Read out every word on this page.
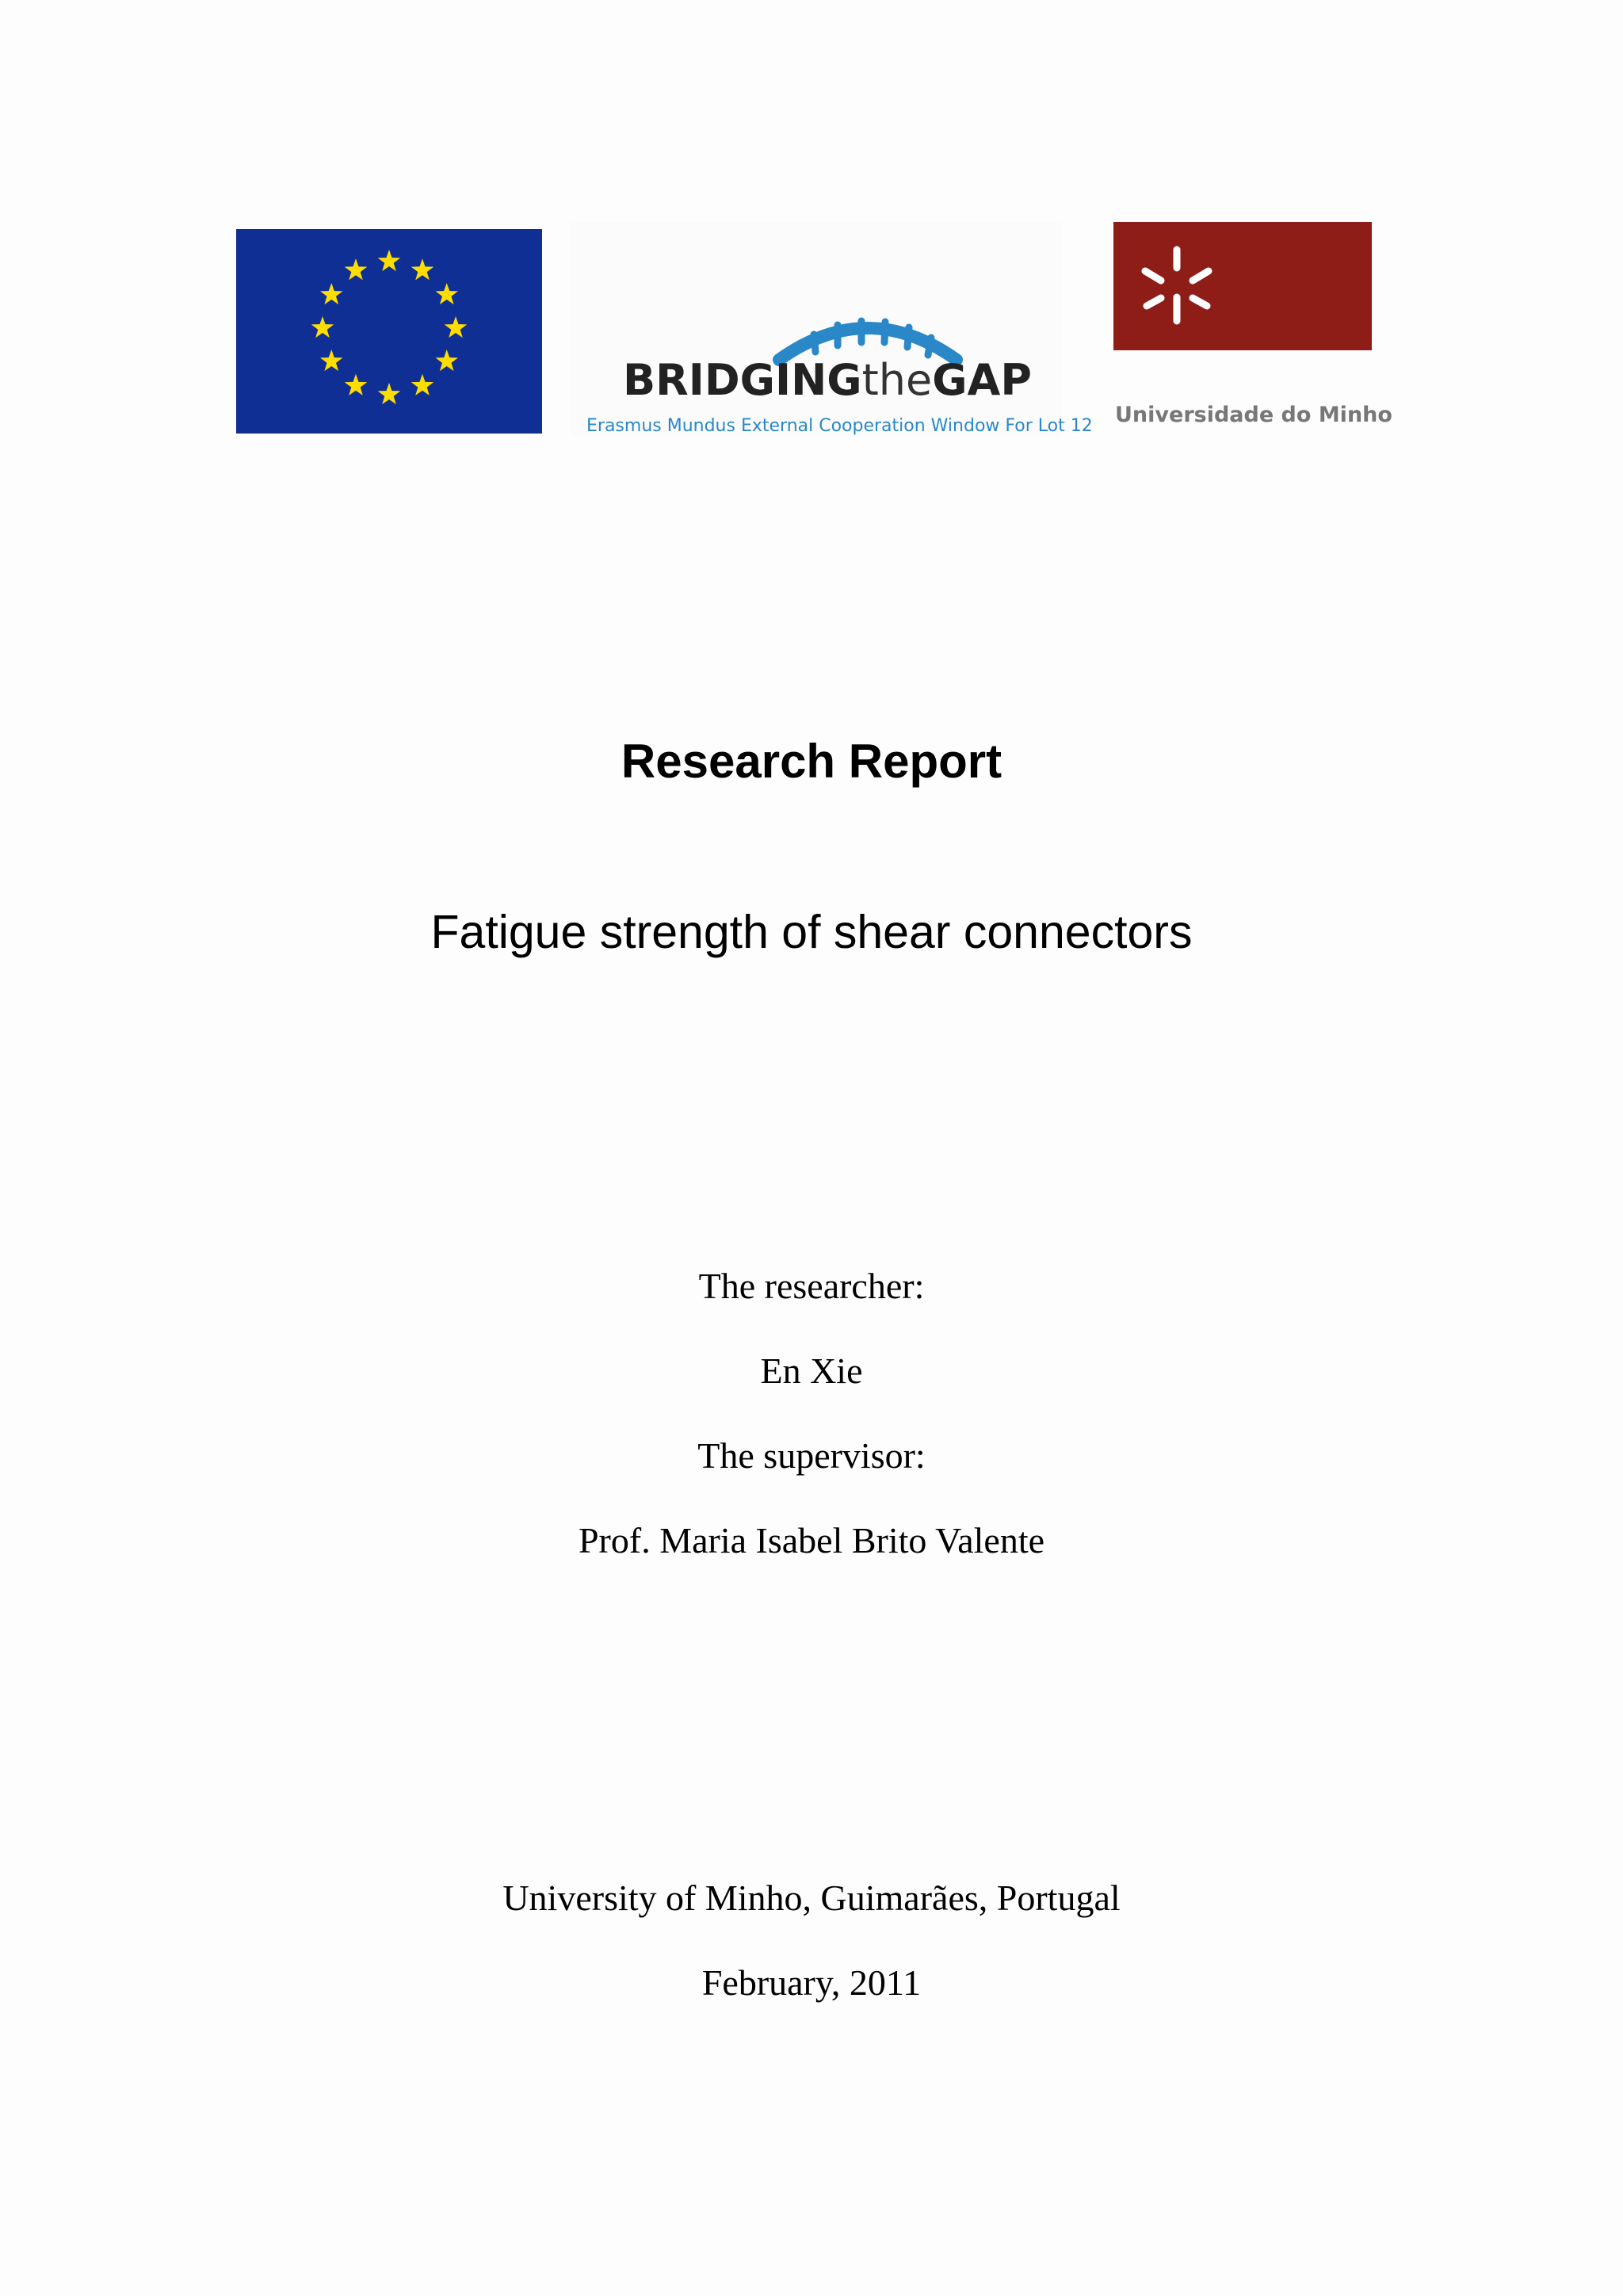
BRIDGINGtheGAP
Erasmus Mundus External Cooperation Window For Lot 12 Universidade do Minho
Research Report
Fatigue strength of shear connectors
The researcher:
En Xie
The supervisor:
Prof. Maria Isabel Brito Valente
University of Minho, Guimarães, Portugal
February, 2011
